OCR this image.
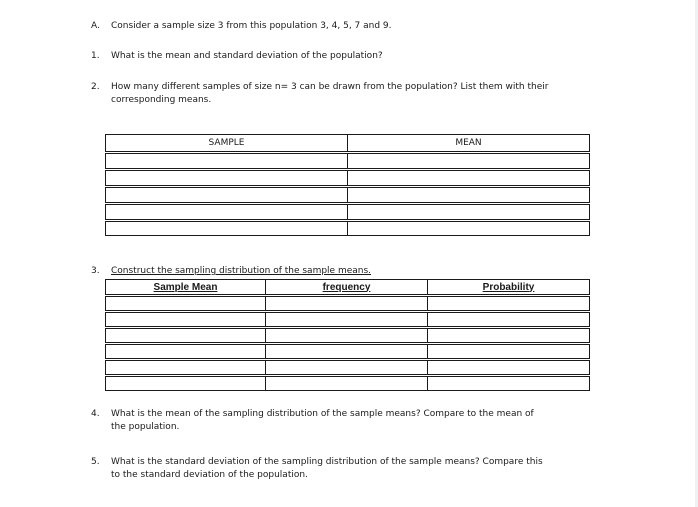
A. Consider a sample size 3 from this population 3, 4, 5, 7 and 9.
1. What is the mean and standard deviation of the population?
2. How many different samples of size n= 3 can be drawn from the population? List them with their
corresponding means.
SAMPLE	MEAN

3. Construct the sampling distribution of the sample means.
Sample Mean	frequency	Probability

4. What is the mean of the sampling distribution of the sample means? Compare to the mean of
the population.
5. What is the standard deviation of the sampling distribution of the sample means? Compare this
to the standard deviation of the population.
